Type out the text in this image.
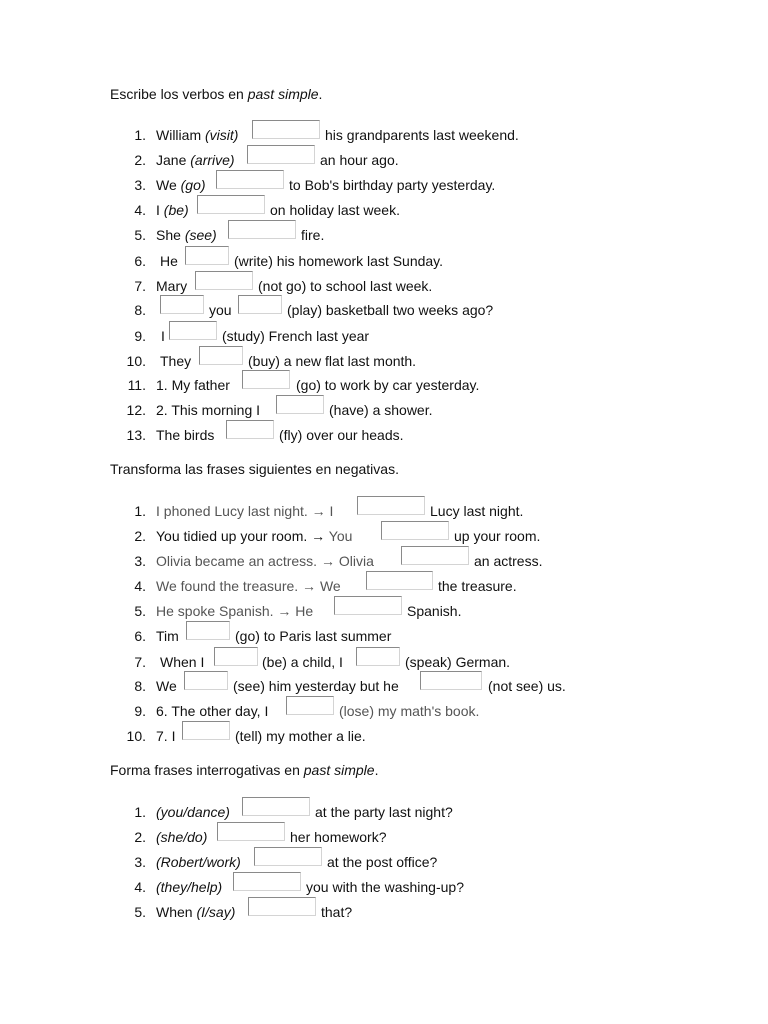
Escribe los verbos en past simple.
1. William (visit)	his grandparents last weekend.
2. Jane (arrive)	an hour ago.
3. We (go)	to Bob's birthday party yesterday.
4. I (be)	on holiday last week.
5. She (see)	fire.
6. He	(write) his homework last Sunday.
7. Mary	(not go) to school last week.
8.	you	(play) basketball two weeks ago?
9. I	(study) French last year
10. They	(buy) a new flat last month.
11. 1. My father	(go) to work by car yesterday.
12. 2. This morning I	(have) a shower.
13. The birds	(fly) over our heads.
Transforma las frases siguientes en negativas.
1. I phoned Lucy last night. → I	Lucy last night.
2. You tidied up your room. → You	up your room.
3. Olivia became an actress. → Olivia	an actress.
4. We found the treasure. → We	the treasure.
5. He spoke Spanish. → He	Spanish.
6. Tim	(go) to Paris last summer
7. When I	(be) a child, I	(speak) German.
8. We	(see) him yesterday but he	(not see) us.
9. 6. The other day, I	(lose) my math's book.
10. 7. I	(tell) my mother a lie.
Forma frases interrogativas en past simple.
1. (you/dance)	at the party last night?
2. (she/do)	her homework?
3. (Robert/work)	at the post office?
4. (they/help)	you with the washing-up?
5. When (I/say)	that?
